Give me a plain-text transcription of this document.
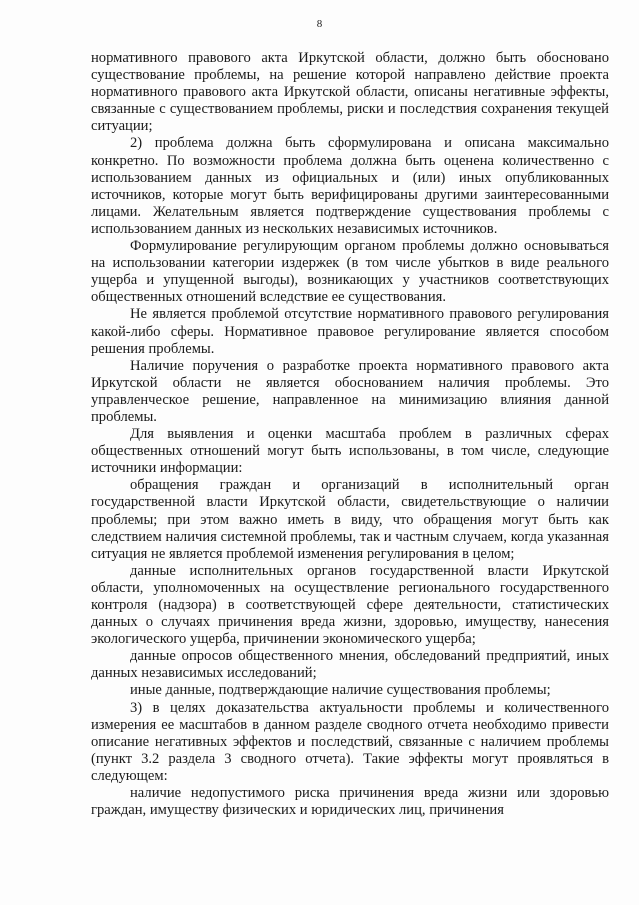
8

нормативного правового акта Иркутской области, должно быть обосновано существование проблемы, на решение которой направлено действие проекта нормативного правового акта Иркутской области, описаны негативные эффекты, связанные с существованием проблемы, риски и последствия сохранения текущей ситуации;

2) проблема должна быть сформулирована и описана максимально конкретно. По возможности проблема должна быть оценена количественно с использованием данных из официальных и (или) иных опубликованных источников, которые могут быть верифицированы другими заинтересованными лицами. Желательным является подтверждение существования проблемы с использованием данных из нескольких независимых источников.

Формулирование регулирующим органом проблемы должно основываться на использовании категории издержек (в том числе убытков в виде реального ущерба и упущенной выгоды), возникающих у участников соответствующих общественных отношений вследствие ее существования.

Не является проблемой отсутствие нормативного правового регулирования какой-либо сферы. Нормативное правовое регулирование является способом решения проблемы.

Наличие поручения о разработке проекта нормативного правового акта Иркутской области не является обоснованием наличия проблемы. Это управленческое решение, направленное на минимизацию влияния данной проблемы.

Для выявления и оценки масштаба проблем в различных сферах общественных отношений могут быть использованы, в том числе, следующие источники информации:

обращения граждан и организаций в исполнительный орган государственной власти Иркутской области, свидетельствующие о наличии проблемы; при этом важно иметь в виду, что обращения могут быть как следствием наличия системной проблемы, так и частным случаем, когда указанная ситуация не является проблемой изменения регулирования в целом;

данные исполнительных органов государственной власти Иркутской области, уполномоченных на осуществление регионального государственного контроля (надзора) в соответствующей сфере деятельности, статистических данных о случаях причинения вреда жизни, здоровью, имуществу, нанесения экологического ущерба, причинении экономического ущерба;

данные опросов общественного мнения, обследований предприятий, иных данных независимых исследований;

иные данные, подтверждающие наличие существования проблемы;

3) в целях доказательства актуальности проблемы и количественного измерения ее масштабов в данном разделе сводного отчета необходимо привести описание негативных эффектов и последствий, связанные с наличием проблемы (пункт 3.2 раздела 3 сводного отчета). Такие эффекты могут проявляться в следующем:

наличие недопустимого риска причинения вреда жизни или здоровью граждан, имуществу физических и юридических лиц, причинения
